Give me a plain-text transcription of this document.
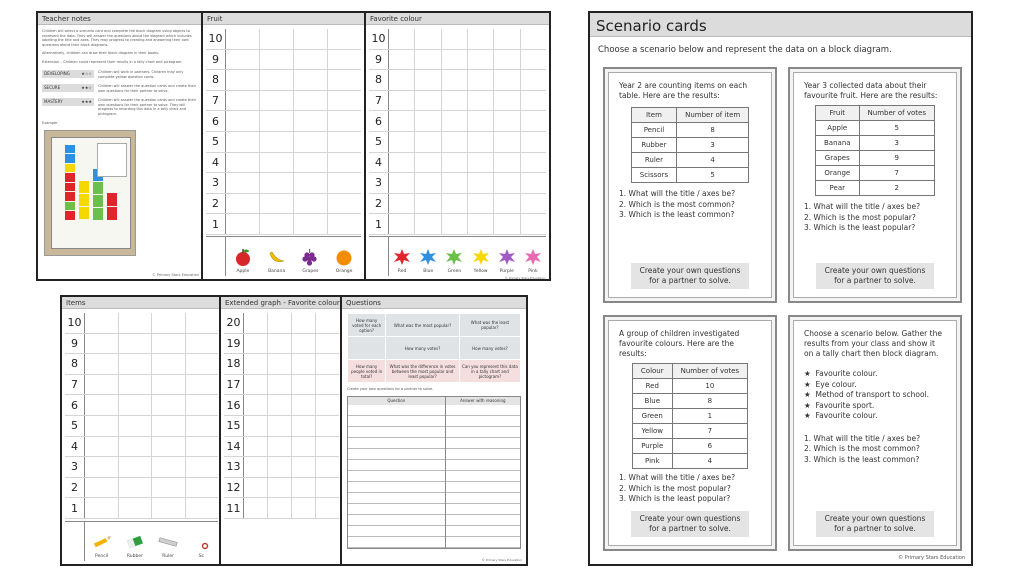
Teacher notes
Children will select a scenario card and complete the block diagram using objects to represent the data. They will answer the questions about the diagram which includes labelling the title and axes. They may progress to creating and answering their own questions about their block diagrams.
Alternatively, children can draw their block diagram in their books.
Extension – Children could represent their results in a tally chart and pictogram.
DEVELOPING	★☆☆ Children will work in partners. Children may only complete yellow question cards.
SECURE	★★☆ Children will answer the question cards and create their own questions for their partner to solve.
MASTERY	★★★ Children will answer the question cards and create their own questions for their partner to solve. They will progress to recording this data in a tally chart and pictogram.
Example
© Primary Stars Education
Fruit
10
9
8
7
6
5
4
3
2
1
Apple	Banana	Grapes	Orange
Favorite colour
10
9
8
7
6
5
4
3
2
1
Red	Blue	Green	Yellow	Purple	Pink
© Primary Stars Education
Items
10
9
8
7
6
5
4
3
2
1
Pencil	Rubber	Ruler	Sc
Extended graph - Favorite colour
20
19
18
17
16
15
14
13
12
11
Questions
How many voted for each option?	What was the most popular?	What was the least popular?
	How many votes?	How many votes?
How many people voted in total?	What was the difference in votes between the most popular and least popular?	Can you represent this data in a tally chart and pictogram?
Create your own questions for a partner to solve.
Question	Answer with reasoning
© Primary Stars Education
Scenario cards
Choose a scenario below and represent the data on a block diagram.
Year 2 are counting items on each table. Here are the results:
Item	Number of item
Pencil	8
Rubber	3
Ruler	4
Scissors	5
1. What will the title / axes be?
2. Which is the most common?
3. Which is the least common?
Create your own questions for a partner to solve.
Year 3 collected data about their favourite fruit. Here are the results:
Fruit	Number of votes
Apple	5
Banana	3
Grapes	9
Orange	7
Pear	2
1. What will the title / axes be?
2. Which is the most popular?
3. Which is the least popular?
Create your own questions for a partner to solve.
A group of children investigated favourite colours. Here are the results:
Colour	Number of votes
Red	10
Blue	8
Green	1
Yellow	7
Purple	6
Pink	4
1. What will the title / axes be?
2. Which is the most popular?
3. Which is the least popular?
Create your own questions for a partner to solve.
Choose a scenario below. Gather the results from your class and show it on a tally chart then block diagram.
★ Favourite colour.
★ Eye colour.
★ Method of transport to school.
★ Favourite sport.
★ Favourite colour.
1. What will the title / axes be?
2. Which is the most common?
3. Which is the least common?
Create your own questions for a partner to solve.
© Primary Stars Education
